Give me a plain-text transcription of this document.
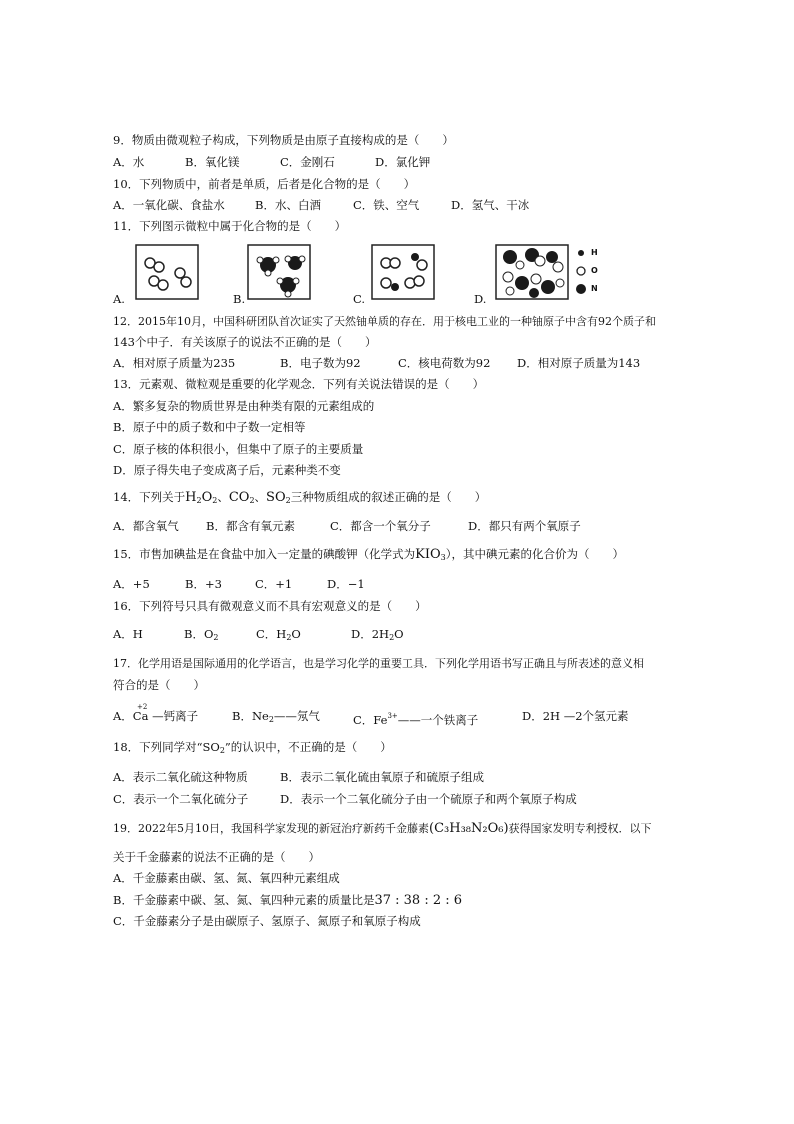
9．物质由微观粒子构成，下列物质是由原子直接构成的是（　　）
A．水	B．氧化镁	C．金刚石	D．氯化钾
10．下列物质中，前者是单质，后者是化合物的是（　　）
A．一氧化碳、食盐水	B．水、白酒	C．铁、空气	D．氢气、干冰
11．下列图示微粒中属于化合物的是（　　）
H
O
N
A.	B.	C.	D.
12．2015年10月，中国科研团队首次证实了天然铀单质的存在．用于核电工业的一种铀原子中含有92个质子和
143个中子．有关该原子的说法不正确的是（　　）
A．相对原子质量为235	B．电子数为92	C．核电荷数为92 D．相对原子质量为143
13．元素观、微粒观是重要的化学观念．下列有关说法错误的是（　　）
A．繁多复杂的物质世界是由种类有限的元素组成的
B．原子中的质子数和中子数一定相等
C．原子核的体积很小，但集中了原子的主要质量
D．原子得失电子变成离子后，元素种类不变
14．下列关于$H_2O_2$、$CO_2$、$SO_2$三种物质组成的叙述正确的是（　　）
A．都含氧气 B．都含有氧元素	C．都含一个氧分子	D．都只有两个氧原子
15．市售加碘盐是在食盐中加入一定量的碘酸钾（化学式为$KIO_3$），其中碘元素的化合价为（　　）
A．+5	B．+3	C．+1	D．−1
16．下列符号只具有微观意义而不具有宏观意义的是（　　）
A．H	B．$O_2$	C．$H_2O$	D．$2H_2O$
17．化学用语是国际通用的化学语言，也是学习化学的重要工具．下列化学用语书写正确且与所表述的意义相
符合的是（　　）
+2
A．Ca —钙离子	B．$Ne_2——$氖气	C．$Fe^{3+}——$一个铁离子	D．2H —2个氢元素
18．下列同学对“$SO_2$”的认识中，不正确的是（　　）
A．表示二氧化硫这种物质	B．表示二氧化硫由氧原子和硫原子组成
C．表示一个二氧化硫分子	D．表示一个二氧化硫分子由一个硫原子和两个氧原子构成
19．2022年5月10日，我国科学家发现的新冠治疗新药千金藤素(C₃H₃₈N₂O₆)获得国家发明专利授权．以下
关于千金藤素的说法不正确的是（　　）
A．千金藤素由碳、氢、氮、氧四种元素组成
B．千金藤素中碳、氢、氮、氧四种元素的质量比是37 : 38 : 2 : 6
C．千金藤素分子是由碳原子、氢原子、氮原子和氧原子构成
